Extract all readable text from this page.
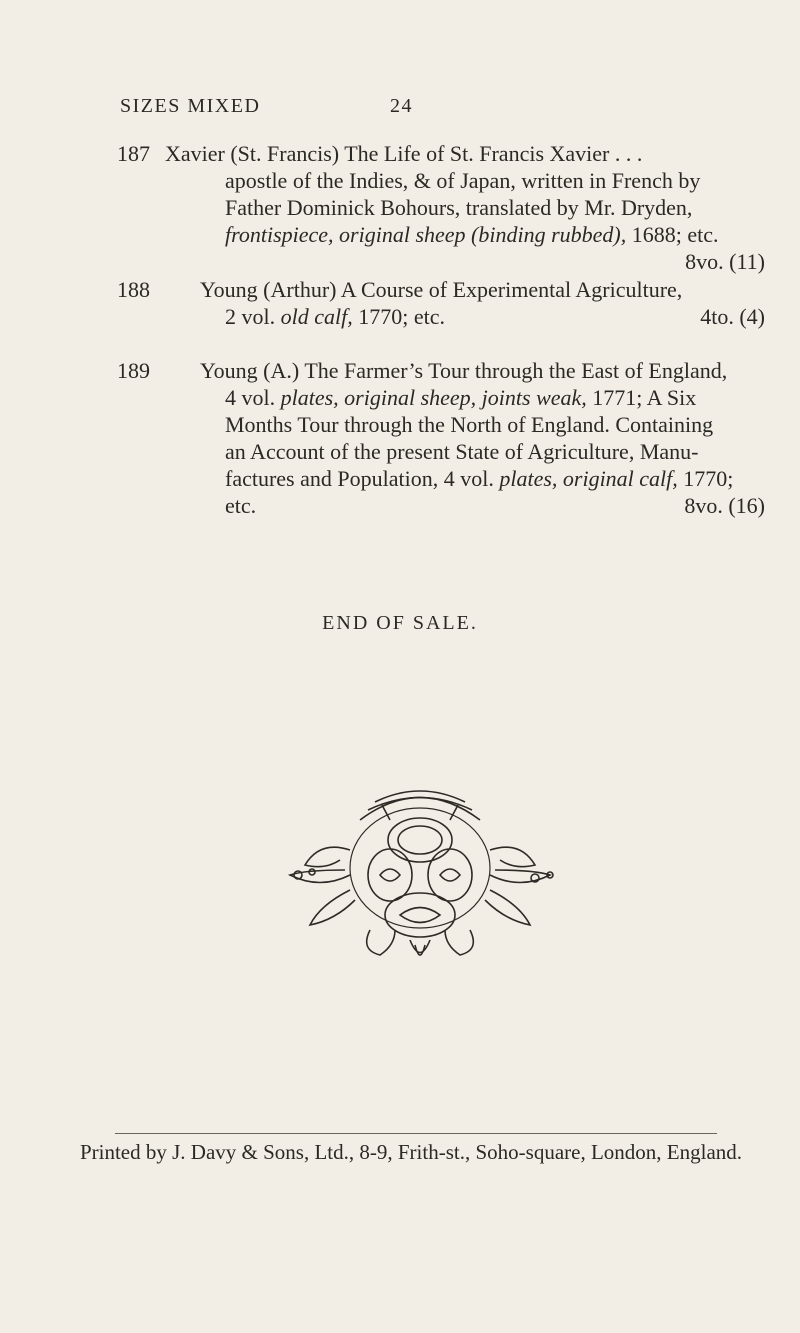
SIZES MIXED	24
187 Xavier (St. Francis) The Life of St. Francis Xavier . . .
apostle of the Indies, & of Japan, written in French by
Father Dominick Bohours, translated by Mr. Dryden,
frontispiece, original sheep (binding rubbed), 1688; etc.
8vo. (11)
188 Young (Arthur) A Course of Experimental Agriculture,
4to. (4)
2 vol. old calf, 1770; etc.
189 Young (A.) The Farmer’s Tour through the East of England,
4 vol. plates, original sheep, joints weak, 1771; A Six
Months Tour through the North of England. Containing
an Account of the present State of Agriculture, Manu-
factures and Population, 4 vol. plates, original calf, 1770;
8vo. (16)
etc.
END OF SALE.
Printed by J. Davy & Sons, Ltd., 8-9, Frith-st., Soho-square, London, England.
